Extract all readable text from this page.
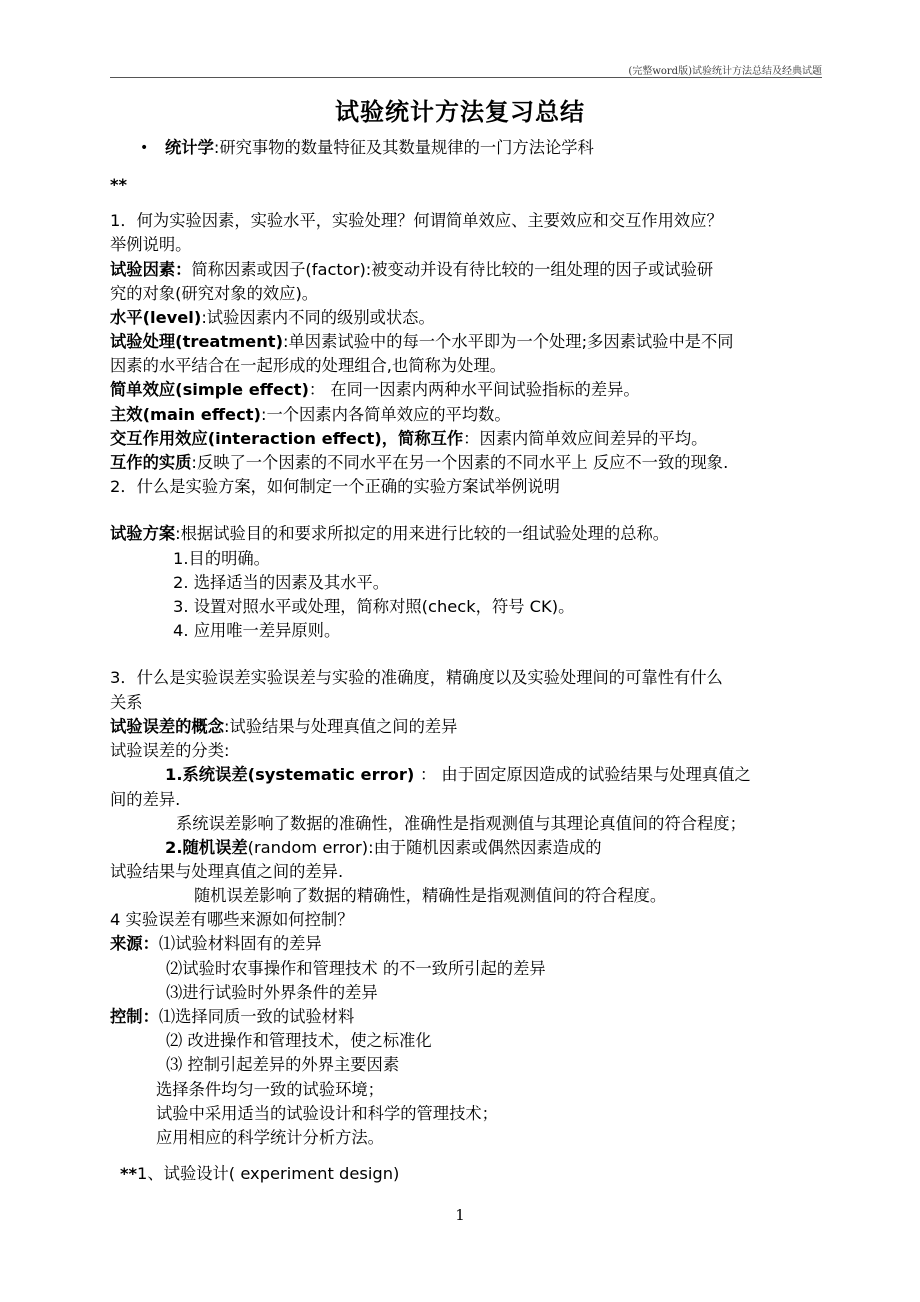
(完整word版)试验统计方法总结及经典试题
试验统计方法复习总结
• 统计学:研究事物的数量特征及其数量规律的一门方法论学科
**
1．何为实验因素，实验水平，实验处理？何谓简单效应、主要效应和交互作用效应？
举例说明。
试验因素：简称因素或因子(factor):被变动并设有待比较的一组处理的因子或试验研
究的对象(研究对象的效应)。
水平(level):试验因素内不同的级别或状态。
试验处理(treatment):单因素试验中的每一个水平即为一个处理;多因素试验中是不同
因素的水平结合在一起形成的处理组合,也简称为处理。
简单效应(simple effect)： 在同一因素内两种水平间试验指标的差异。
主效(main effect):一个因素内各简单效应的平均数。
交互作用效应(interaction effect)，简称互作：因素内简单效应间差异的平均。
互作的实质:反映了一个因素的不同水平在另一个因素的不同水平上 反应不一致的现象.
2．什么是实验方案，如何制定一个正确的实验方案试举例说明
试验方案:根据试验目的和要求所拟定的用来进行比较的一组试验处理的总称。
1.目的明确。
2. 选择适当的因素及其水平。
3. 设置对照水平或处理，简称对照(check，符号 CK)。
4. 应用唯一差异原则。
3．什么是实验误差实验误差与实验的准确度，精确度以及实验处理间的可靠性有什么
关系
试验误差的概念:试验结果与处理真值之间的差异
试验误差的分类:
1.系统误差(systematic error) ： 由于固定原因造成的试验结果与处理真值之
间的差异.
系统误差影响了数据的准确性，准确性是指观测值与其理论真值间的符合程度；
2.随机误差(random error):由于随机因素或偶然因素造成的
试验结果与处理真值之间的差异.
随机误差影响了数据的精确性，精确性是指观测值间的符合程度。
4 实验误差有哪些来源如何控制？
来源：⑴试验材料固有的差异
⑵试验时农事操作和管理技术 的不一致所引起的差异
⑶进行试验时外界条件的差异
控制：⑴选择同质一致的试验材料
⑵ 改进操作和管理技术，使之标准化
⑶ 控制引起差异的外界主要因素
选择条件均匀一致的试验环境；
试验中采用适当的试验设计和科学的管理技术；
应用相应的科学统计分析方法。
**1、试验设计( experiment design)
1
